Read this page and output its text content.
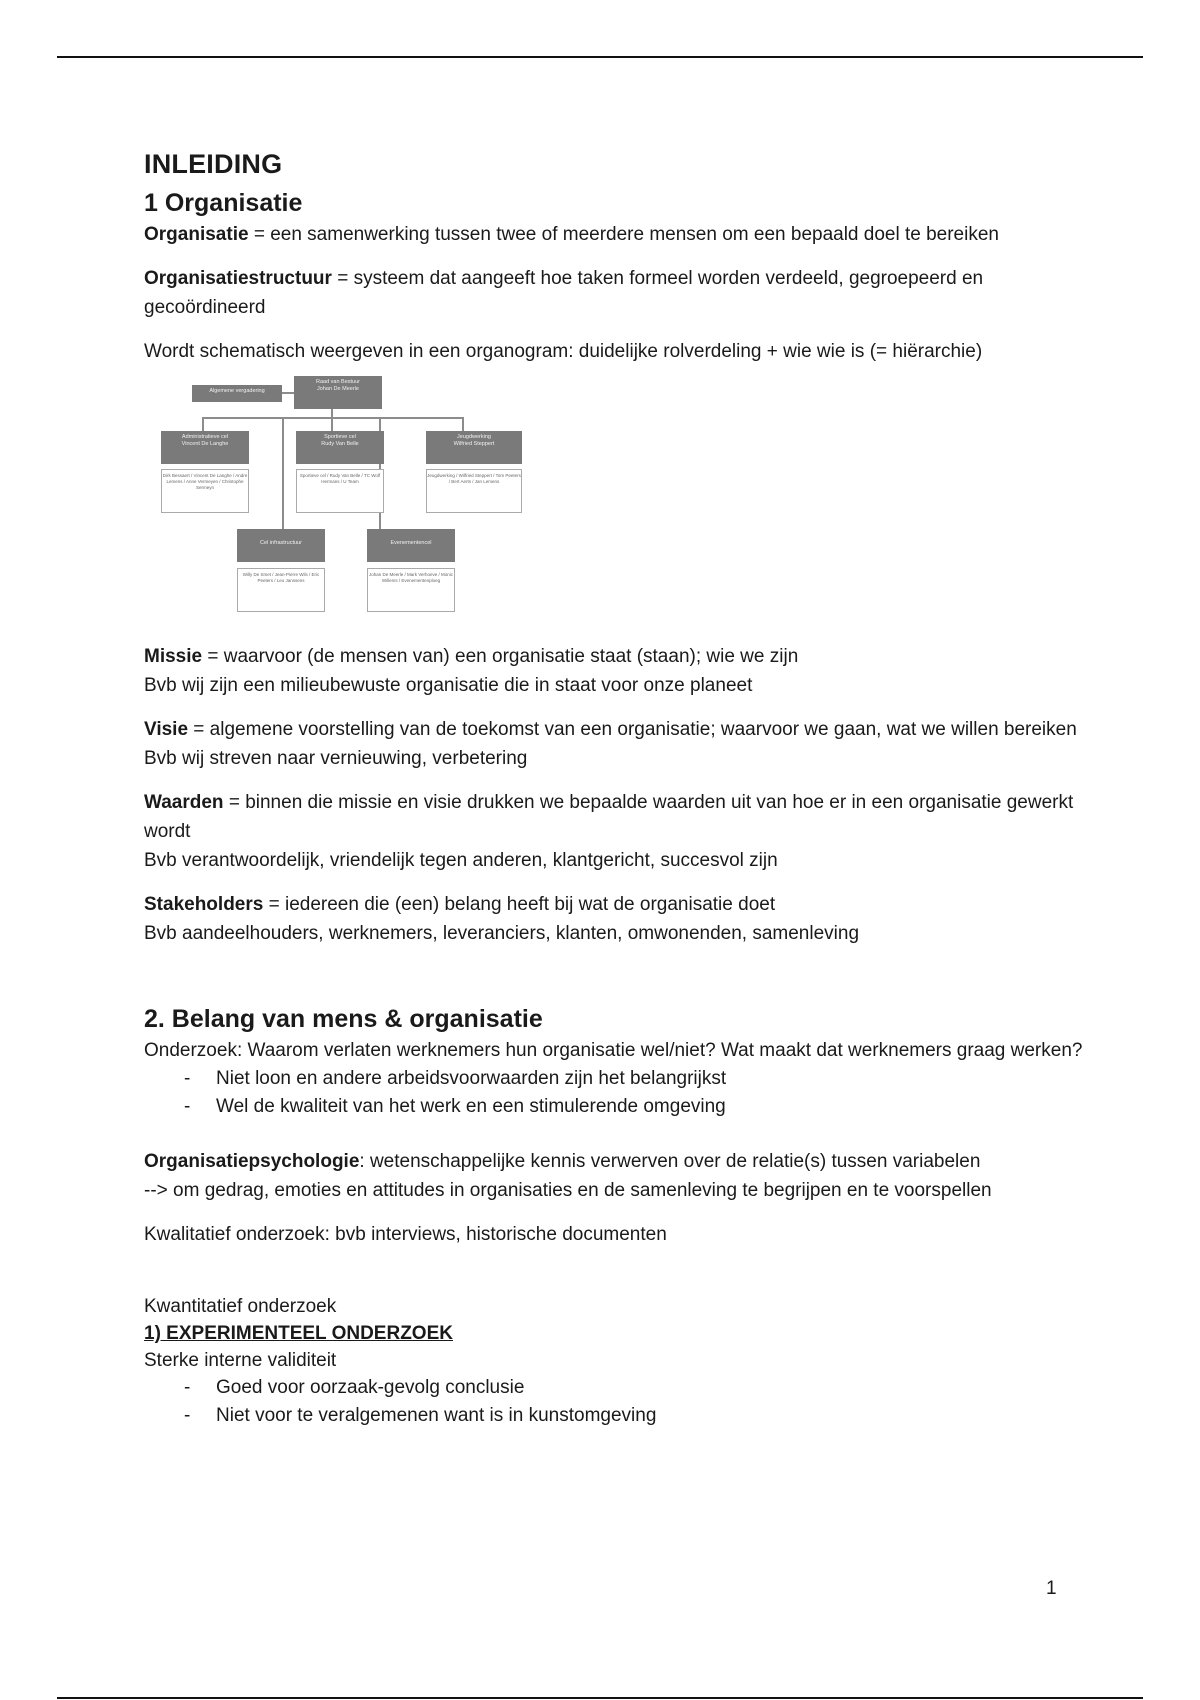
INLEIDING
1 Organisatie

Organisatie = een samenwerking tussen twee of meerdere mensen om een bepaald doel te bereiken

Organisatiestructuur = systeem dat aangeeft hoe taken formeel worden verdeeld, gegroepeerd en gecoördineerd

Wordt schematisch weergeven in een organogram: duidelijke rolverdeling + wie wie is (= hiërarchie)

Algemene vergadering
Raad van Bestuur
Johan De Meerle
Administratieve cel
Vincent De Langhe
Dirk Bessaert / Vincent De Langhe / Andre Lemens / Anne Vermeyen / Christophe Sermeyn
Sportieve cel
Rudy Van Belle
Sportieve cel / Rudy Van Belle / TC Wolf Hermans / U Team
Jeugdwerking
Wilfried Steppert
Jeugdwerking / Wilfried Steppert / Tom Peeters / Bert Aerts / Jan Lemens
Cel infrastructuur
Willy De Smet / Jean-Pierre Wils / Eric Peeters / Leo Janssens
Evenementencel
Johan De Meerle / Mark Verhoeve / Monic Willems / Evenementenploeg

Missie = waarvoor (de mensen van) een organisatie staat (staan); wie we zijn
Bvb wij zijn een milieubewuste organisatie die in staat voor onze planeet

Visie = algemene voorstelling van de toekomst van een organisatie; waarvoor we gaan, wat we willen bereiken
Bvb wij streven naar vernieuwing, verbetering

Waarden = binnen die missie en visie drukken we bepaalde waarden uit van hoe er in een organisatie gewerkt wordt
Bvb verantwoordelijk, vriendelijk tegen anderen, klantgericht, succesvol zijn

Stakeholders = iedereen die (een) belang heeft bij wat de organisatie doet
Bvb aandeelhouders, werknemers, leveranciers, klanten, omwonenden, samenleving

2. Belang van mens & organisatie

Onderzoek: Waarom verlaten werknemers hun organisatie wel/niet? Wat maakt dat werknemers graag werken?

- Niet loon en andere arbeidsvoorwaarden zijn het belangrijkst
- Wel de kwaliteit van het werk en een stimulerende omgeving

Organisatiepsychologie: wetenschappelijke kennis verwerven over de relatie(s) tussen variabelen
--> om gedrag, emoties en attitudes in organisaties en de samenleving te begrijpen en te voorspellen

Kwalitatief onderzoek: bvb interviews, historische documenten

Kwantitatief onderzoek

1) EXPERIMENTEEL ONDERZOEK
Sterke interne validiteit
- Goed voor oorzaak-gevolg conclusie
- Niet voor te veralgemenen want is in kunstomgeving
1
